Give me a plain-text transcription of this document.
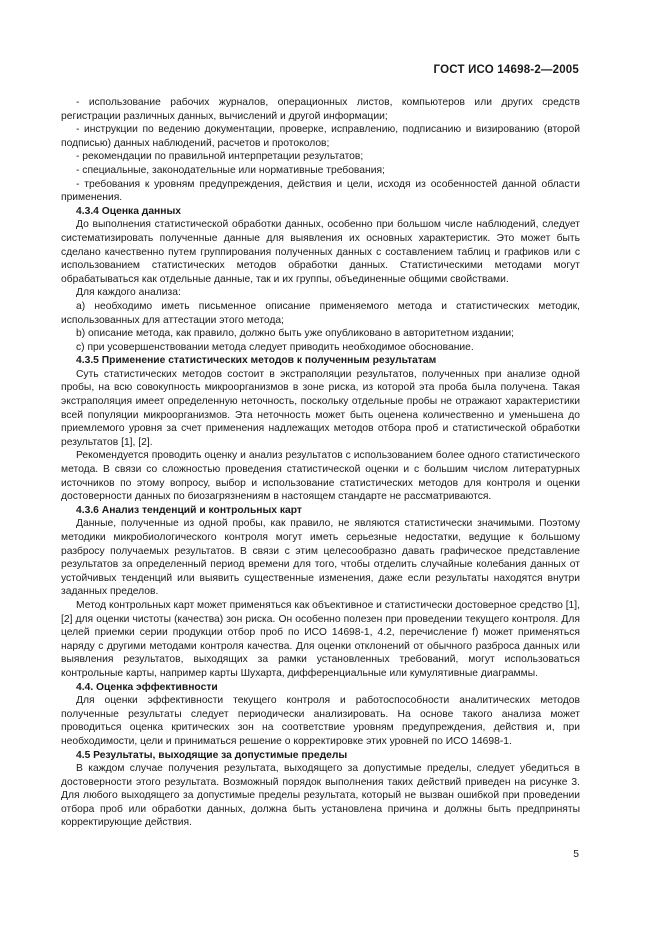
ГОСТ ИСО 14698-2—2005

- использование рабочих журналов, операционных листов, компьютеров или других средств регистрации различных данных, вычислений и другой информации;

- инструкции по ведению документации, проверке, исправлению, подписанию и визированию (второй подписью) данных наблюдений, расчетов и протоколов;

- рекомендации по правильной интерпретации результатов;

- специальные, законодательные или нормативные требования;

- требования к уровням предупреждения, действия и цели, исходя из особенностей данной области применения.

4.3.4 Оценка данных

До выполнения статистической обработки данных, особенно при большом числе наблюдений, следует систематизировать полученные данные для выявления их основных характеристик. Это может быть сделано качественно путем группирования полученных данных с составлением таблиц и графиков или с использованием статистических методов обработки данных. Статистическими методами могут обрабатываться как отдельные данные, так и их группы, объединенные общими свойствами.

Для каждого анализа:

a) необходимо иметь письменное описание применяемого метода и статистических методик, использованных для аттестации этого метода;

b) описание метода, как правило, должно быть уже опубликовано в авторитетном издании;

c) при усовершенствовании метода следует приводить необходимое обоснование.

4.3.5 Применение статистических методов к полученным результатам

Суть статистических методов состоит в экстраполяции результатов, полученных при анализе одной пробы, на всю совокупность микроорганизмов в зоне риска, из которой эта проба была получена. Такая экстраполяция имеет определенную неточность, поскольку отдельные пробы не отражают характеристики всей популяции микроорганизмов. Эта неточность может быть оценена количественно и уменьшена до приемлемого уровня за счет применения надлежащих методов отбора проб и статистической обработки результатов [1], [2].

Рекомендуется проводить оценку и анализ результатов с использованием более одного статистического метода. В связи со сложностью проведения статистической оценки и с большим числом литературных источников по этому вопросу, выбор и использование статистических методов для контроля и оценки достоверности данных по биозагрязнениям в настоящем стандарте не рассматриваются.

4.3.6 Анализ тенденций и контрольных карт

Данные, полученные из одной пробы, как правило, не являются статистически значимыми. Поэтому методики микробиологического контроля могут иметь серьезные недостатки, ведущие к большому разбросу получаемых результатов. В связи с этим целесообразно давать графическое представление результатов за определенный период времени для того, чтобы отделить случайные колебания данных от устойчивых тенденций или выявить существенные изменения, даже если результаты находятся внутри заданных пределов.

Метод контрольных карт может применяться как объективное и статистически достоверное средство [1], [2] для оценки чистоты (качества) зон риска. Он особенно полезен при проведении текущего контроля. Для целей приемки серии продукции отбор проб по ИСО 14698-1, 4.2, перечисление f) может применяться наряду с другими методами контроля качества. Для оценки отклонений от обычного разброса данных или выявления результатов, выходящих за рамки установленных требований, могут использоваться контрольные карты, например карты Шухарта, дифференциальные или кумулятивные диаграммы.

4.4. Оценка эффективности

Для оценки эффективности текущего контроля и работоспособности аналитических методов полученные результаты следует периодически анализировать. На основе такого анализа может проводиться оценка критических зон на соответствие уровням предупреждения, действия и, при необходимости, цели и приниматься решение о корректировке этих уровней по ИСО 14698-1.

4.5 Результаты, выходящие за допустимые пределы

В каждом случае получения результата, выходящего за допустимые пределы, следует убедиться в достоверности этого результата. Возможный порядок выполнения таких действий приведен на рисунке 3. Для любого выходящего за допустимые пределы результата, который не вызван ошибкой при проведении отбора проб или обработки данных, должна быть установлена причина и должны быть предприняты корректирующие действия.

5
